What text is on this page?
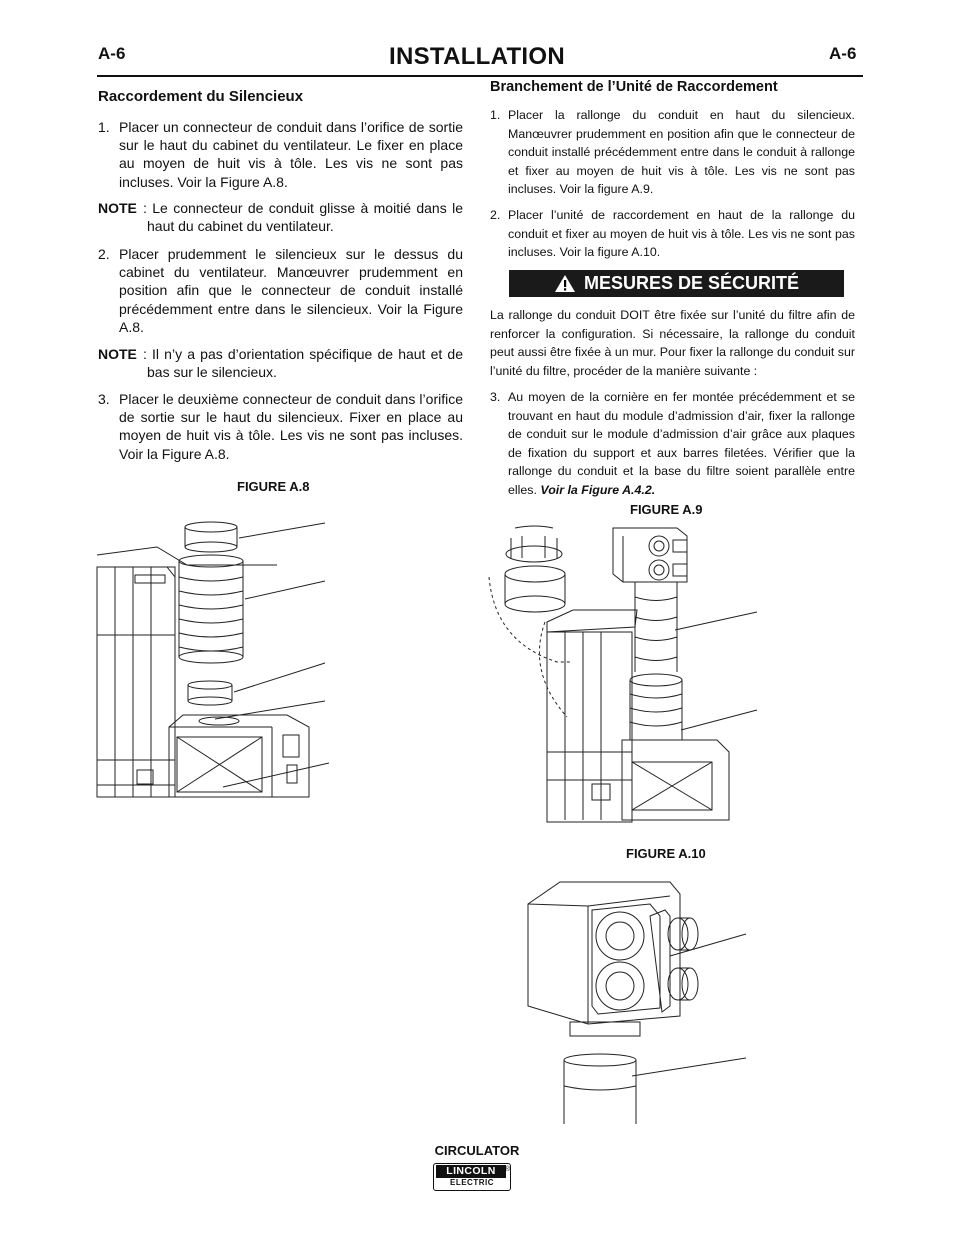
A-6	INSTALLATION	A-6
Raccordement du Silencieux
1. Placer un connecteur de conduit dans l’orifice de sortie sur le haut du cabinet du ventilateur. Le fixer en place au moyen de huit vis à tôle. Les vis ne sont pas incluses. Voir la Figure A.8.
NOTE : Le connecteur de conduit glisse à moitié dans le haut du cabinet du ventilateur.
2. Placer prudemment le silencieux sur le dessus du cabinet du ventilateur. Manœuvrer prudemment en position afin que le connecteur de conduit installé précédemment entre dans le silencieux. Voir la Figure A.8.
NOTE : Il n’y a pas d’orientation spécifique de haut et de bas sur le silencieux.
3. Placer le deuxième connecteur de conduit dans l’orifice de sortie sur le haut du silencieux. Fixer en place au moyen de huit vis à tôle. Les vis ne sont pas incluses. Voir la Figure A.8.
FIGURE A.8
Branchement de l’Unité de Raccordement
1. Placer la rallonge du conduit en haut du silencieux. Manœuvrer prudemment en position afin que le connecteur de conduit installé précédemment entre dans le conduit à rallonge et fixer au moyen de huit vis à tôle. Les vis ne sont pas incluses. Voir la figure A.9.
2. Placer l’unité de raccordement en haut de la rallonge du conduit et fixer au moyen de huit vis à tôle. Les vis ne sont pas incluses. Voir la figure A.10.
MESURES DE SÉCURITÉ
La rallonge du conduit DOIT être fixée sur l’unité du filtre afin de renforcer la configuration. Si nécessaire, la rallonge du conduit peut aussi être fixée à un mur. Pour fixer la rallonge du conduit sur l’unité du filtre, procéder de la manière suivante :
3. Au moyen de la cornière en fer montée précédemment et se trouvant en haut du module d’admission d’air, fixer la rallonge de conduit sur le module d’admission d’air grâce aux plaques de fixation du support et aux barres filetées. Vérifier que la rallonge du conduit et la base du filtre soient parallèle entre elles. Voir la Figure A.4.2.
FIGURE A.9
FIGURE A.10
CIRCULATOR
LINCOLN
ELECTRIC
®
